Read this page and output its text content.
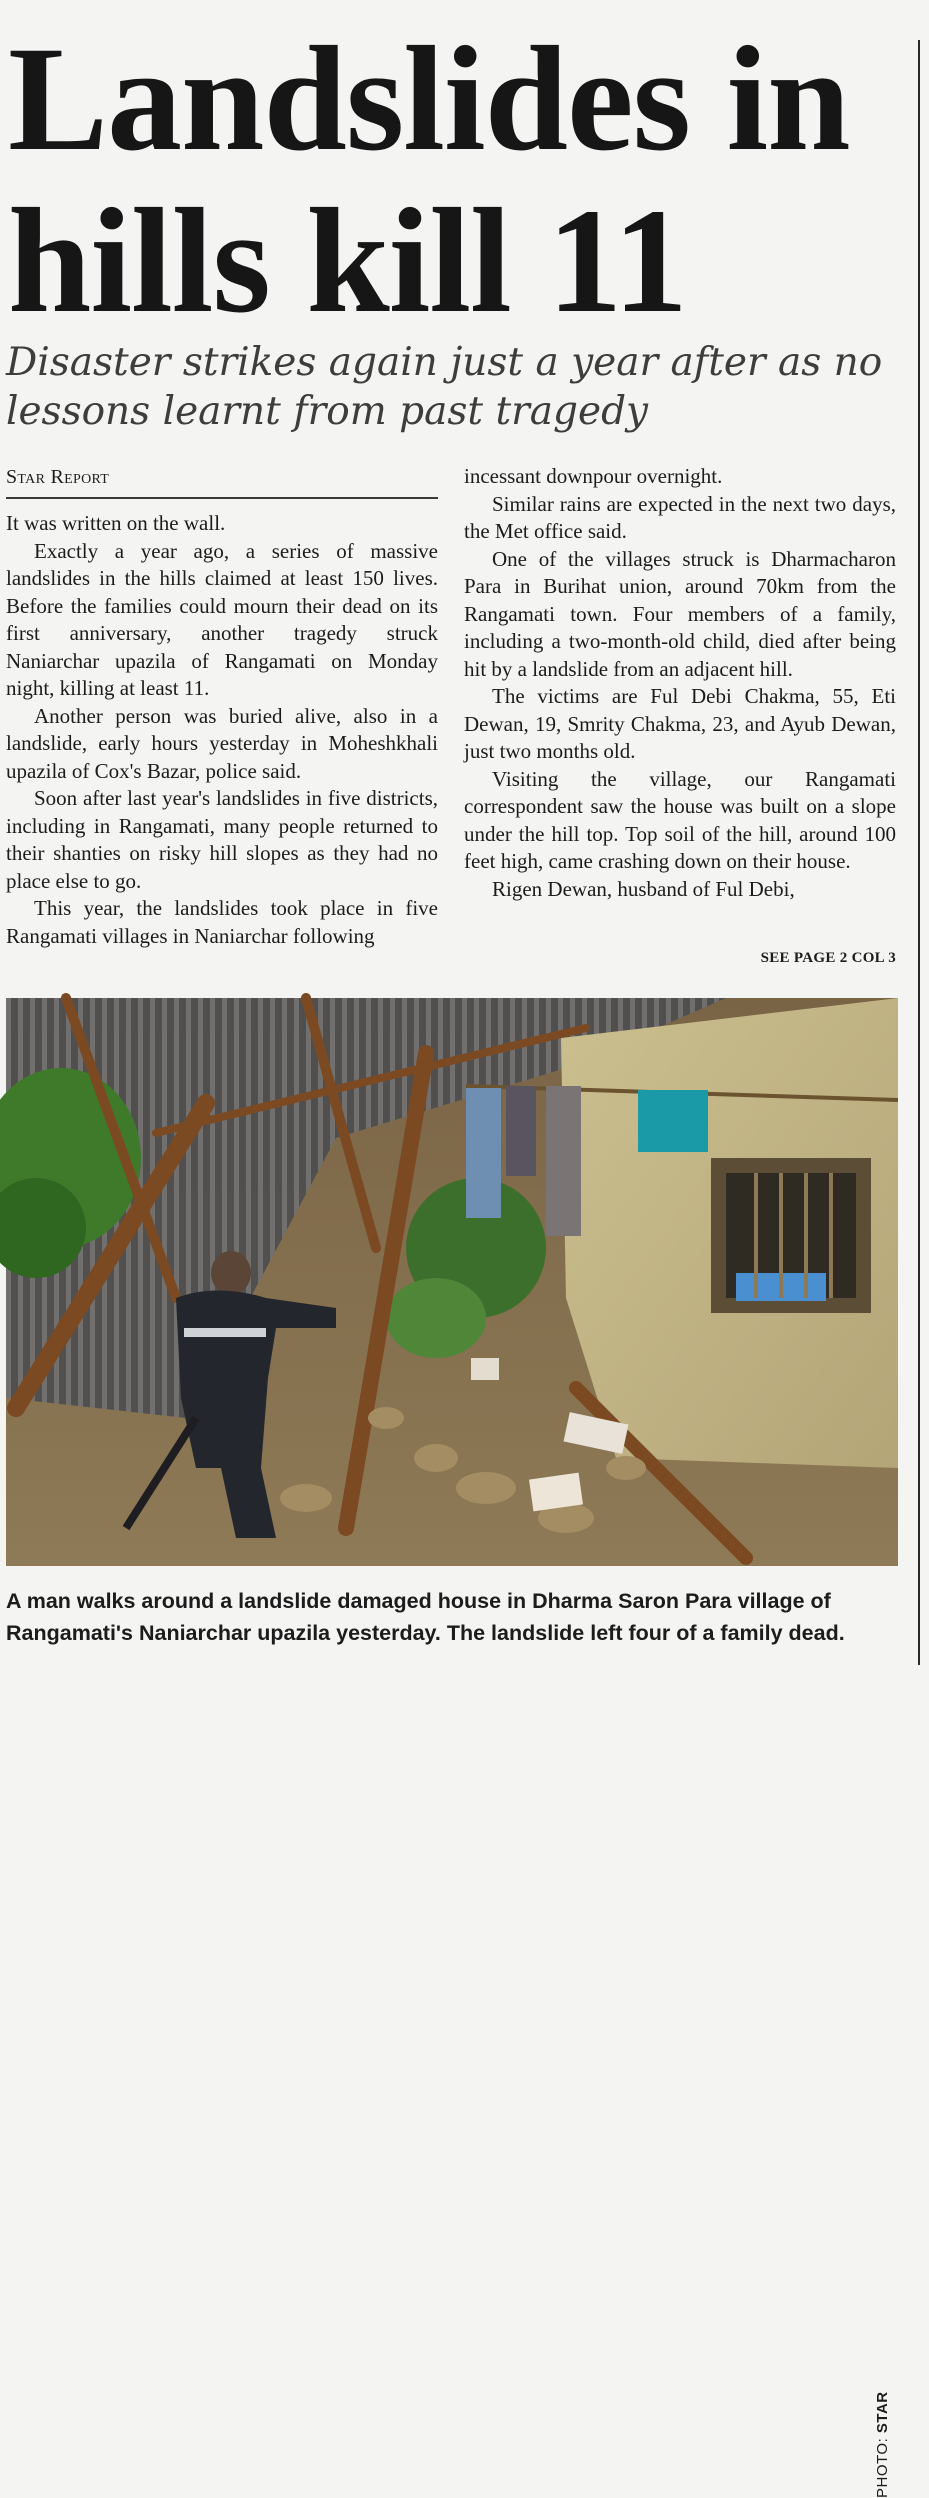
Landslides in hills kill 11

Disaster strikes again just a year after as no lessons learnt from past tragedy

Star Report

It was written on the wall.

Exactly a year ago, a series of massive landslides in the hills claimed at least 150 lives. Before the families could mourn their dead on its first anniversary, another tragedy struck Naniarchar upazila of Rangamati on Monday night, killing at least 11.

Another person was buried alive, also in a landslide, early hours yesterday in Moheshkhali upazila of Cox's Bazar, police said.

Soon after last year's landslides in five districts, including in Rangamati, many people returned to their shanties on risky hill slopes as they had no place else to go.

This year, the landslides took place in five Rangamati villages in Naniarchar following

incessant downpour overnight.

Similar rains are expected in the next two days, the Met office said.

One of the villages struck is Dharmacharon Para in Burihat union, around 70km from the Rangamati town. Four members of a family, including a two-month-old child, died after being hit by a landslide from an adjacent hill.

The victims are Ful Debi Chakma, 55, Eti Dewan, 19, Smrity Chakma, 23, and Ayub Dewan, just two months old.

Visiting the village, our Rangamati correspondent saw the house was built on a slope under the hill top. Top soil of the hill, around 100 feet high, came crashing down on their house.

Rigen Dewan, husband of Ful Debi,

SEE PAGE 2 COL 3
PHOTO: STAR

A man walks around a landslide damaged house in Dharma Saron Para village of Rangamati's Naniarchar upazila yesterday. The landslide left four of a family dead.
